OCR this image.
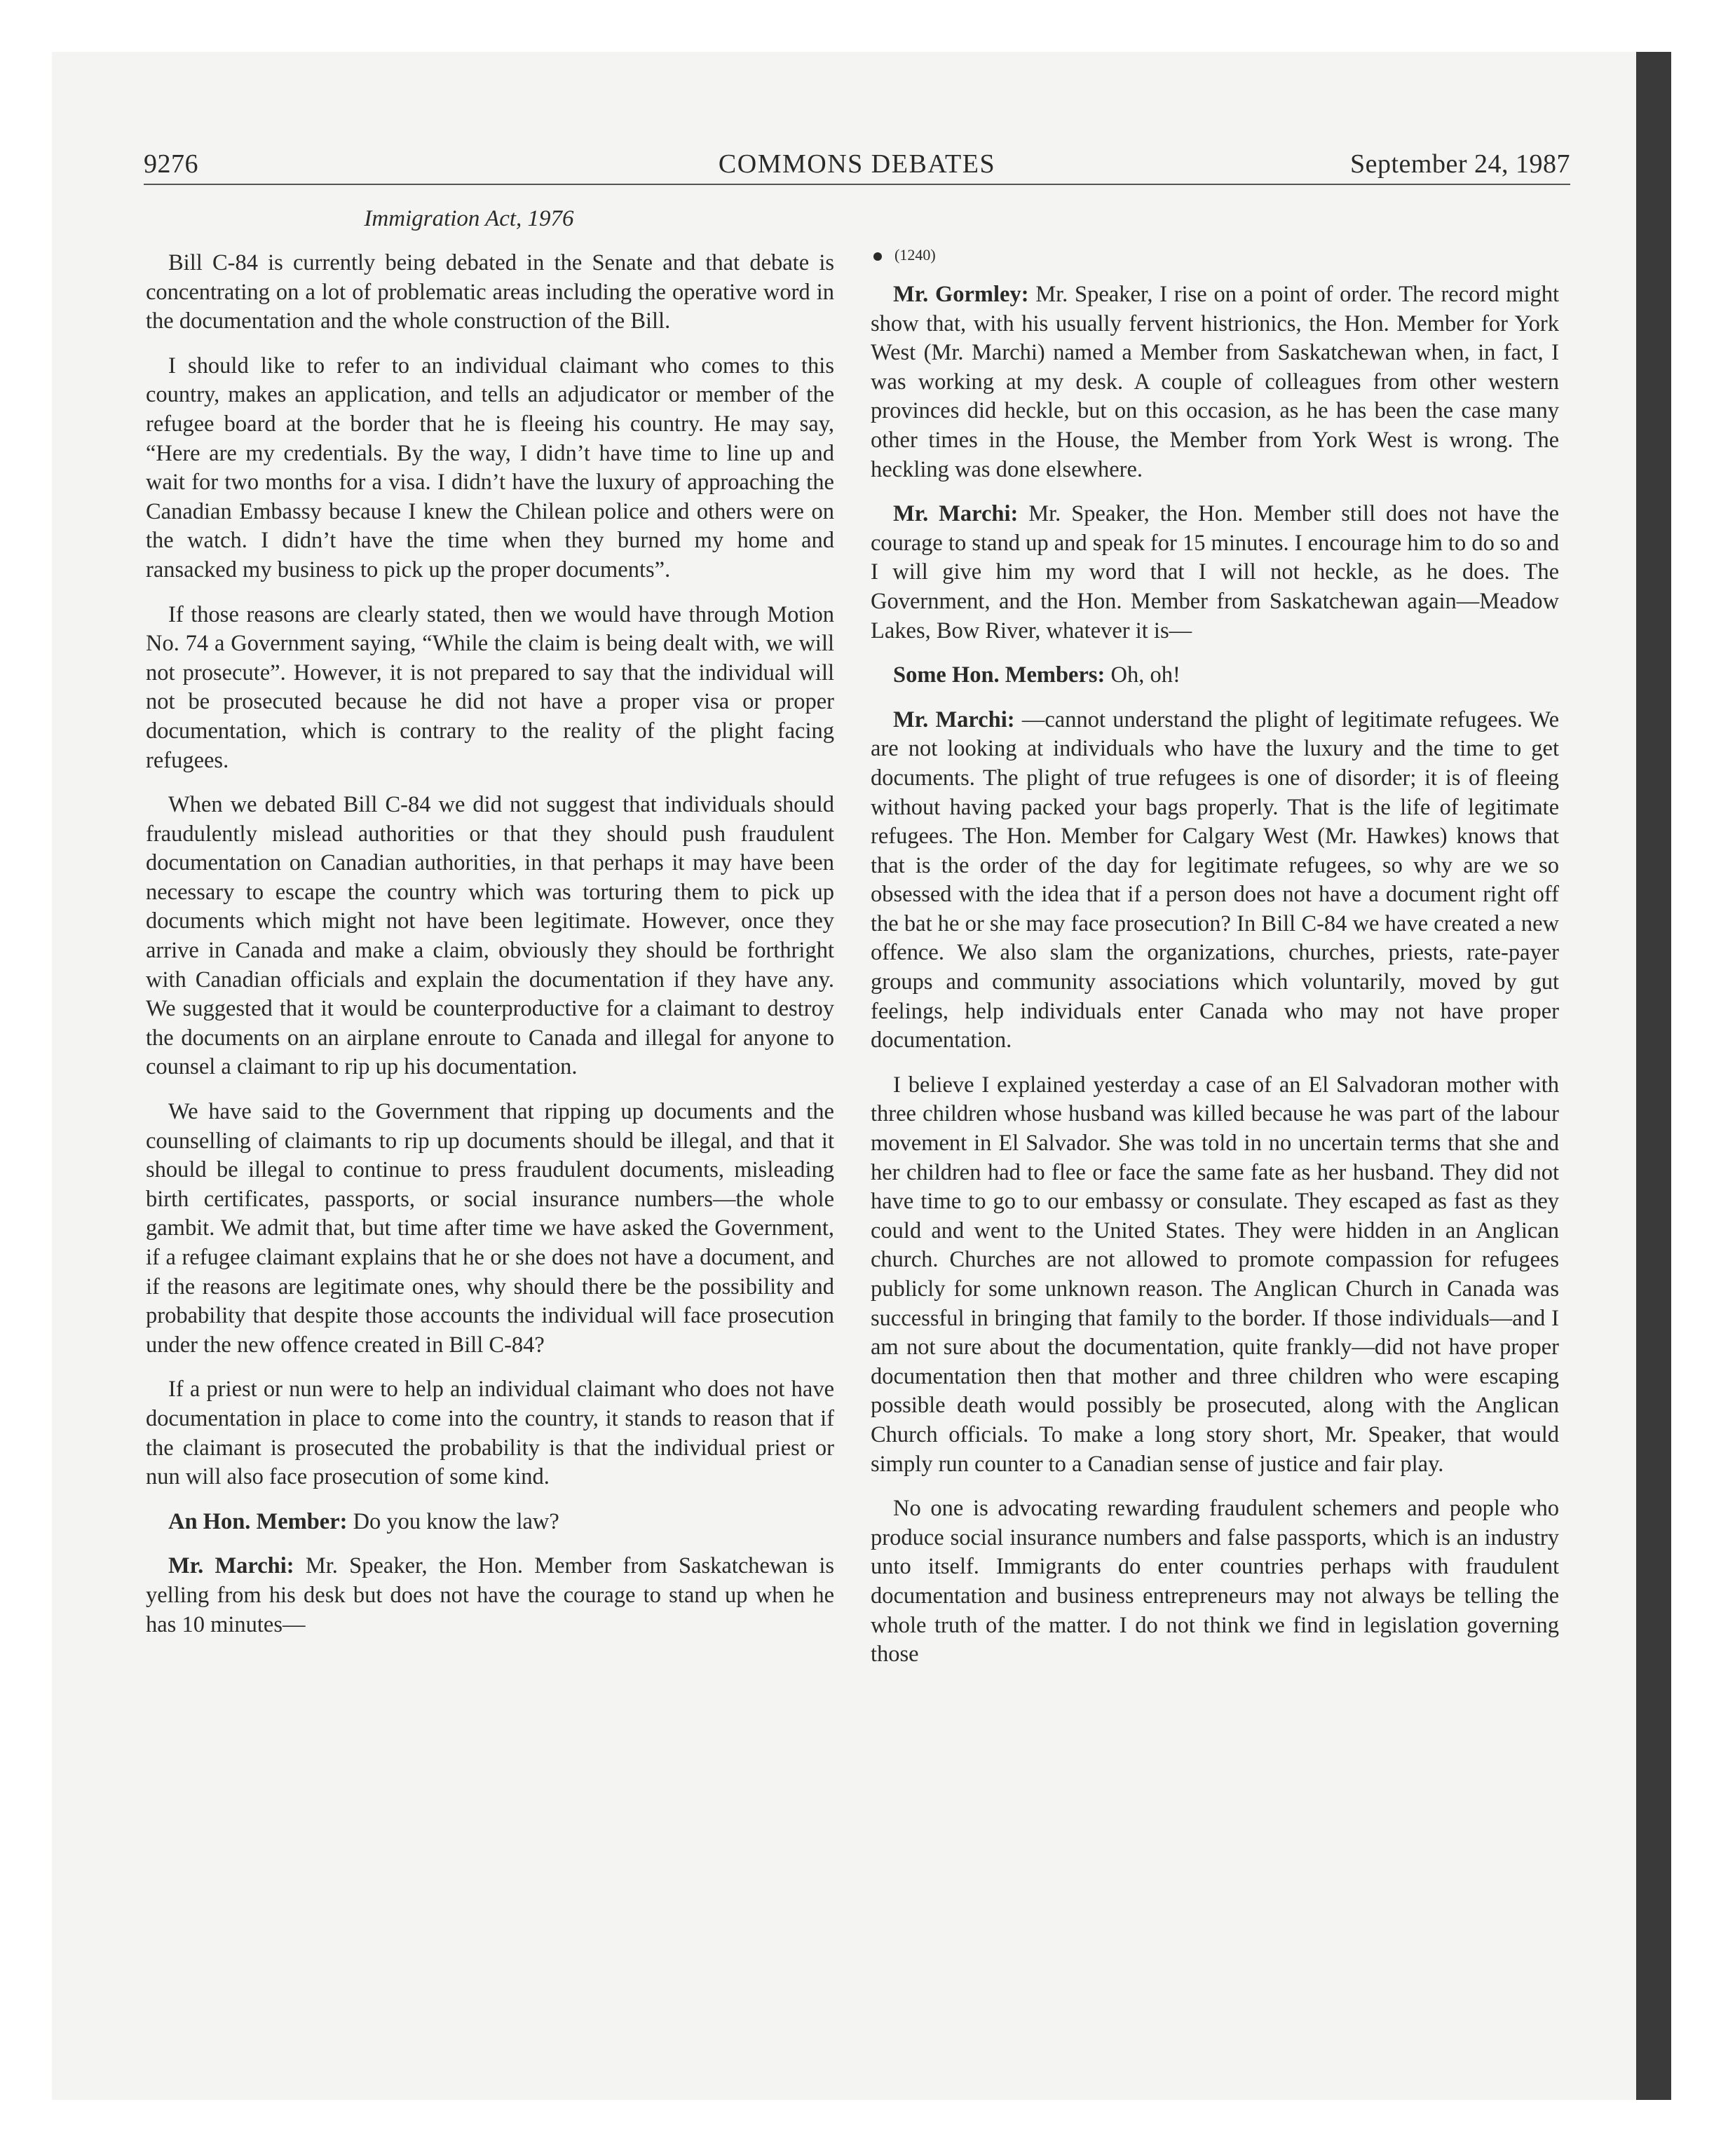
9276	COMMONS DEBATES	September 24, 1987
Immigration Act, 1976

Bill C-84 is currently being debated in the Senate and that debate is concentrating on a lot of problematic areas including the operative word in the documentation and the whole construction of the Bill.

I should like to refer to an individual claimant who comes to this country, makes an application, and tells an adjudicator or member of the refugee board at the border that he is fleeing his country. He may say, “Here are my credentials. By the way, I didn’t have time to line up and wait for two months for a visa. I didn’t have the luxury of approaching the Canadian Embassy because I knew the Chilean police and others were on the watch. I didn’t have the time when they burned my home and ransacked my business to pick up the proper documents”.

If those reasons are clearly stated, then we would have through Motion No. 74 a Government saying, “While the claim is being dealt with, we will not prosecute”. However, it is not prepared to say that the individual will not be prosecuted because he did not have a proper visa or proper documentation, which is contrary to the reality of the plight facing refugees.

When we debated Bill C-84 we did not suggest that individuals should fraudulently mislead authorities or that they should push fraudulent documentation on Canadian authorities, in that perhaps it may have been necessary to escape the country which was torturing them to pick up documents which might not have been legitimate. However, once they arrive in Canada and make a claim, obviously they should be forthright with Canadian officials and explain the documentation if they have any. We suggested that it would be counterproductive for a claimant to destroy the documents on an airplane enroute to Canada and illegal for anyone to counsel a claimant to rip up his documentation.

We have said to the Government that ripping up documents and the counselling of claimants to rip up documents should be illegal, and that it should be illegal to continue to press fraudulent documents, misleading birth certificates, passports, or social insurance numbers—the whole gambit. We admit that, but time after time we have asked the Government, if a refugee claimant explains that he or she does not have a document, and if the reasons are legitimate ones, why should there be the possibility and probability that despite those accounts the individual will face prosecution under the new offence created in Bill C-84?

If a priest or nun were to help an individual claimant who does not have documentation in place to come into the country, it stands to reason that if the claimant is prosecuted the probability is that the individual priest or nun will also face prosecution of some kind.

An Hon. Member: Do you know the law?

Mr. Marchi: Mr. Speaker, the Hon. Member from Saskatchewan is yelling from his desk but does not have the courage to stand up when he has 10 minutes—

(1240)

Mr. Gormley: Mr. Speaker, I rise on a point of order. The record might show that, with his usually fervent histrionics, the Hon. Member for York West (Mr. Marchi) named a Member from Saskatchewan when, in fact, I was working at my desk. A couple of colleagues from other western provinces did heckle, but on this occasion, as he has been the case many other times in the House, the Member from York West is wrong. The heckling was done elsewhere.

Mr. Marchi: Mr. Speaker, the Hon. Member still does not have the courage to stand up and speak for 15 minutes. I encourage him to do so and I will give him my word that I will not heckle, as he does. The Government, and the Hon. Member from Saskatchewan again—Meadow Lakes, Bow River, whatever it is—

Some Hon. Members: Oh, oh!

Mr. Marchi: —cannot understand the plight of legitimate refugees. We are not looking at individuals who have the luxury and the time to get documents. The plight of true refugees is one of disorder; it is of fleeing without having packed your bags properly. That is the life of legitimate refugees. The Hon. Member for Calgary West (Mr. Hawkes) knows that that is the order of the day for legitimate refugees, so why are we so obsessed with the idea that if a person does not have a document right off the bat he or she may face prosecution? In Bill C-84 we have created a new offence. We also slam the organizations, churches, priests, rate-payer groups and community associations which voluntarily, moved by gut feelings, help individuals enter Canada who may not have proper documentation.

I believe I explained yesterday a case of an El Salvadoran mother with three children whose husband was killed because he was part of the labour movement in El Salvador. She was told in no uncertain terms that she and her children had to flee or face the same fate as her husband. They did not have time to go to our embassy or consulate. They escaped as fast as they could and went to the United States. They were hidden in an Anglican church. Churches are not allowed to promote compassion for refugees publicly for some unknown reason. The Anglican Church in Canada was successful in bringing that family to the border. If those individuals—and I am not sure about the documentation, quite frankly—did not have proper documentation then that mother and three children who were escaping possible death would possibly be prosecuted, along with the Anglican Church officials. To make a long story short, Mr. Speaker, that would simply run counter to a Canadian sense of justice and fair play.

No one is advocating rewarding fraudulent schemers and people who produce social insurance numbers and false passports, which is an industry unto itself. Immigrants do enter countries perhaps with fraudulent documentation and business entrepreneurs may not always be telling the whole truth of the matter. I do not think we find in legislation governing those
